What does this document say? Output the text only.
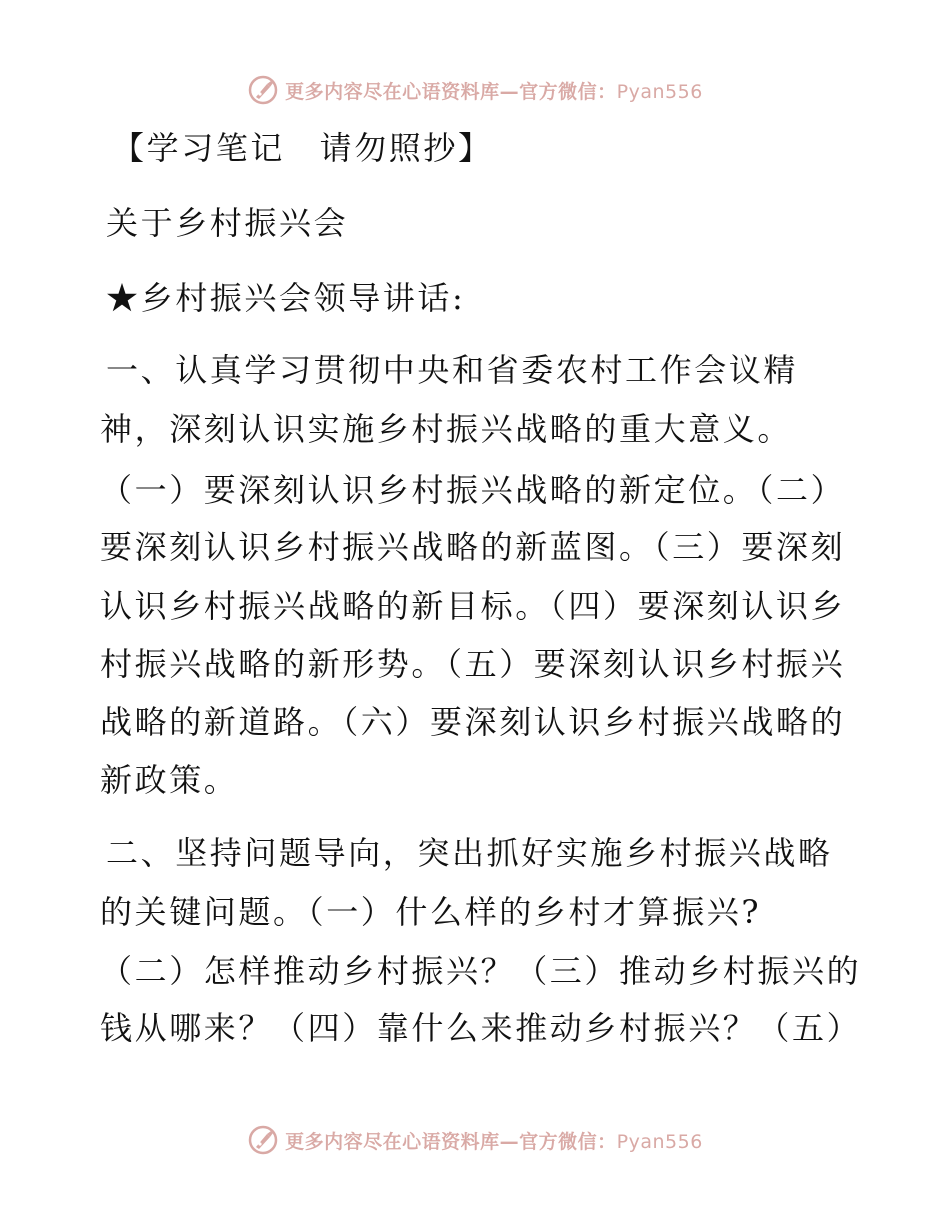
更多内容尽在心语资料库—官方微信：Pyan556
【学习笔记　请勿照抄】
关于乡村振兴会
★乡村振兴会领导讲话:
一、认真学习贯彻中央和省委农村工作会议精
神，深刻认识实施乡村振兴战略的重大意义。
（一）要深刻认识乡村振兴战略的新定位。（二）
要深刻认识乡村振兴战略的新蓝图。（三）要深刻
认识乡村振兴战略的新目标。（四）要深刻认识乡
村振兴战略的新形势。（五）要深刻认识乡村振兴
战略的新道路。（六）要深刻认识乡村振兴战略的
新政策。
二、坚持问题导向，突出抓好实施乡村振兴战略
的关键问题。（一）什么样的乡村才算振兴?
（二）怎样推动乡村振兴？（三）推动乡村振兴的
钱从哪来？（四）靠什么来推动乡村振兴？（五）
更多内容尽在心语资料库—官方微信：Pyan556
